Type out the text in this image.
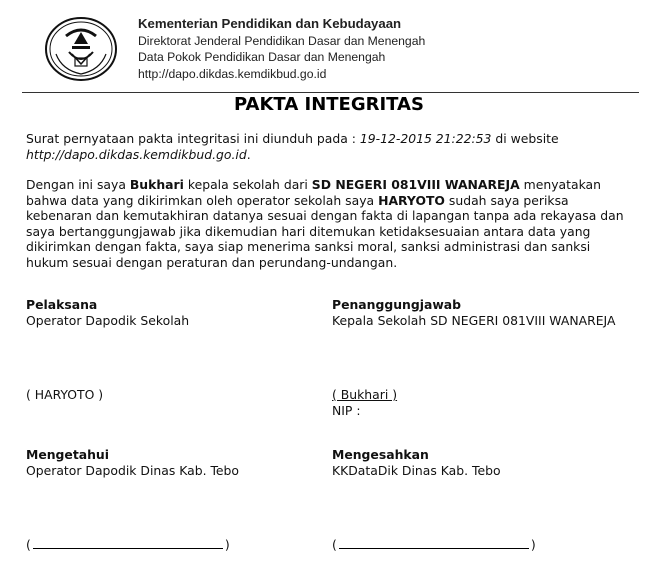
Kementerian Pendidikan dan Kebudayaan
Direktorat Jenderal Pendidikan Dasar dan Menengah
Data Pokok Pendidikan Dasar dan Menengah
http://dapo.dikdas.kemdikbud.go.id
PAKTA INTEGRITAS
Surat pernyataan pakta integritasi ini diunduh pada : 19-12-2015 21:22:53 di website
http://dapo.dikdas.kemdikbud.go.id.
Dengan ini saya Bukhari kepala sekolah dari SD NEGERI 081VIII WANAREJA menyatakan bahwa data yang dikirimkan oleh operator sekolah saya HARYOTO sudah saya periksa kebenaran dan kemutakhiran datanya sesuai dengan fakta di lapangan tanpa ada rekayasa dan saya bertanggungjawab jika dikemudian hari ditemukan ketidaksesuaian antara data yang dikirimkan dengan fakta, saya siap menerima sanksi moral, sanksi administrasi dan sanksi hukum sesuai dengan peraturan dan perundang-undangan.
Pelaksana
Operator Dapodik Sekolah
( HARYOTO )
Penanggungjawab
Kepala Sekolah SD NEGERI 081VIII WANAREJA
( Bukhari )
NIP :
Mengetahui
Operator Dapodik Dinas Kab. Tebo
(	)
Mengesahkan
KKDataDik Dinas Kab. Tebo
(	)
